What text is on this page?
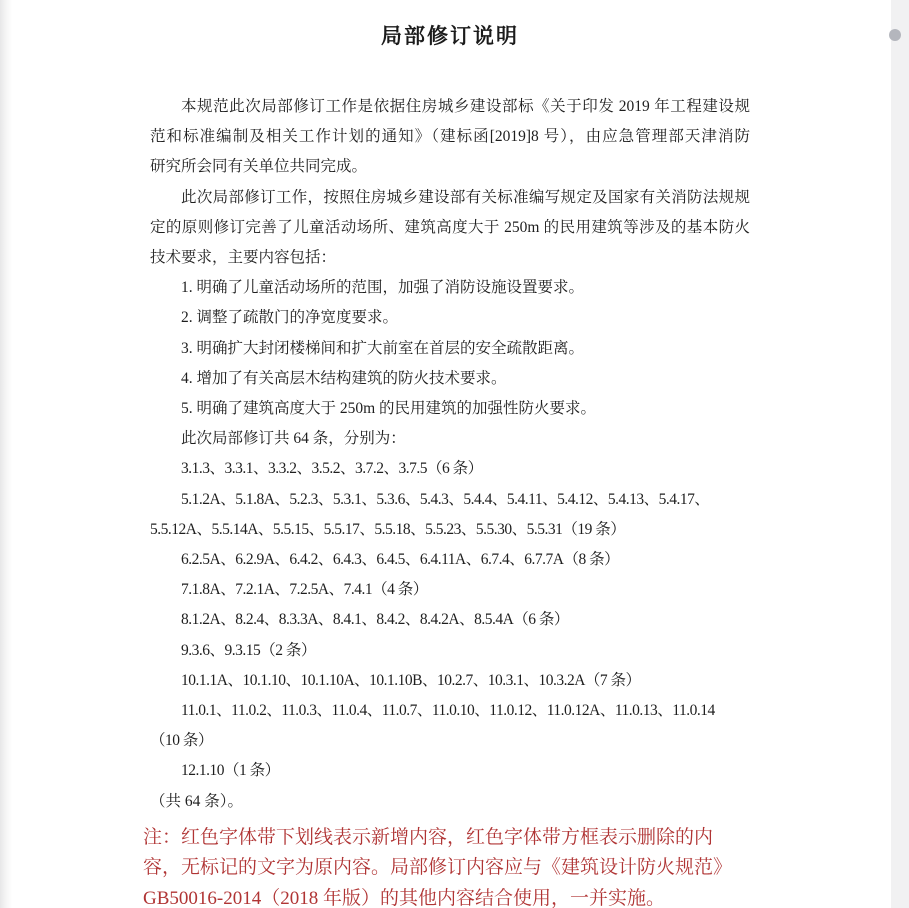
局部修订说明
本规范此次局部修订工作是依据住房城乡建设部标《关于印发 2019 年工程建设规
范和标准编制及相关工作计划的通知》（建标函[2019]8 号），由应急管理部天津消防
研究所会同有关单位共同完成。
此次局部修订工作，按照住房城乡建设部有关标准编写规定及国家有关消防法规规
定的原则修订完善了儿童活动场所、建筑高度大于 250m 的民用建筑等涉及的基本防火
技术要求，主要内容包括：
1. 明确了儿童活动场所的范围，加强了消防设施设置要求。
2. 调整了疏散门的净宽度要求。
3. 明确扩大封闭楼梯间和扩大前室在首层的安全疏散距离。
4. 增加了有关高层木结构建筑的防火技术要求。
5. 明确了建筑高度大于 250m 的民用建筑的加强性防火要求。
此次局部修订共 64 条，分别为：
3.1.3、3.3.1、3.3.2、3.5.2、3.7.2、3.7.5（6 条）
5.1.2A、5.1.8A、5.2.3、5.3.1、5.3.6、5.4.3、5.4.4、5.4.11、5.4.12、5.4.13、5.4.17、
5.5.12A、5.5.14A、5.5.15、5.5.17、5.5.18、5.5.23、5.5.30、5.5.31（19 条）
6.2.5A、6.2.9A、6.4.2、6.4.3、6.4.5、6.4.11A、6.7.4、6.7.7A（8 条）
7.1.8A、7.2.1A、7.2.5A、7.4.1（4 条）
8.1.2A、8.2.4、8.3.3A、8.4.1、8.4.2、8.4.2A、8.5.4A（6 条）
9.3.6、9.3.15（2 条）
10.1.1A、10.1.10、10.1.10A、10.1.10B、10.2.7、10.3.1、10.3.2A（7 条）
11.0.1、11.0.2、11.0.3、11.0.4、11.0.7、11.0.10、11.0.12、11.0.12A、11.0.13、11.0.14
（10 条）
12.1.10（1 条）
（共 64 条）。
注：红色字体带下划线表示新增内容，红色字体带方框表示删除的内
容，无标记的文字为原内容。局部修订内容应与《建筑设计防火规范》
GB50016-2014（2018 年版）的其他内容结合使用，一并实施。
